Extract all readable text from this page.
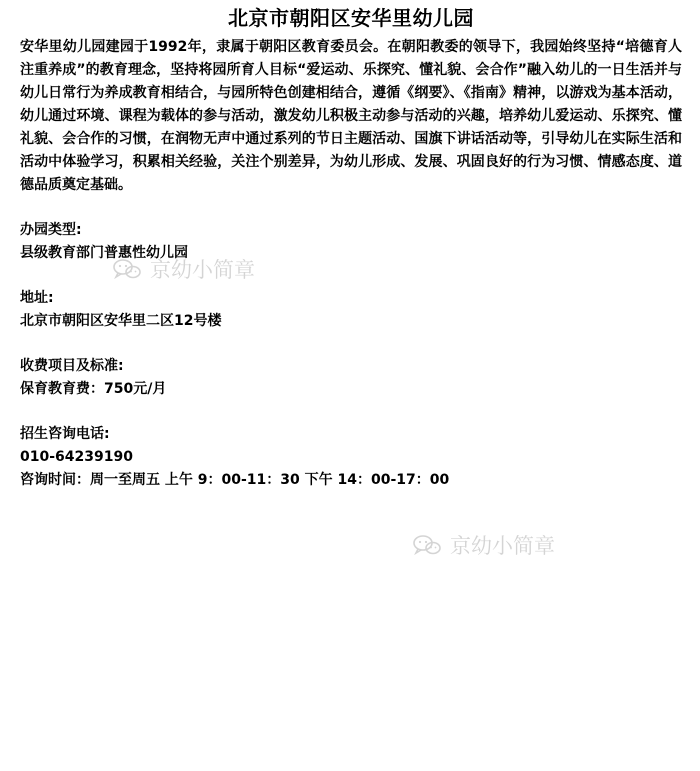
北京市朝阳区安华里幼儿园

安华里幼儿园建园于1992年，隶属于朝阳区教育委员会。在朝阳教委的领导下，我园始终坚持“培德育人 注重养成”的教育理念，坚持将园所育人目标“爱运动、乐探究、懂礼貌、会合作”融入幼儿的一日生活并与幼儿日常行为养成教育相结合，与园所特色创建相结合，遵循《纲要》、《指南》精神，以游戏为基本活动，幼儿通过环境、课程为载体的参与活动，激发幼儿积极主动参与活动的兴趣，培养幼儿爱运动、乐探究、懂礼貌、会合作的习惯，在润物无声中通过系列的节日主题活动、国旗下讲话活动等，引导幼儿在实际生活和活动中体验学习，积累相关经验，关注个别差异，为幼儿形成、发展、巩固良好的行为习惯、情感态度、道德品质奠定基础。

办园类型:

县级教育部门普惠性幼儿园

地址:

北京市朝阳区安华里二区12号楼

收费项目及标准:

保育教育费：750元/月

招生咨询电话:

010-64239190

咨询时间：周一至周五 上午 9：00-11：30 下午 14：00-17：00

京幼小简章
京幼小简章
